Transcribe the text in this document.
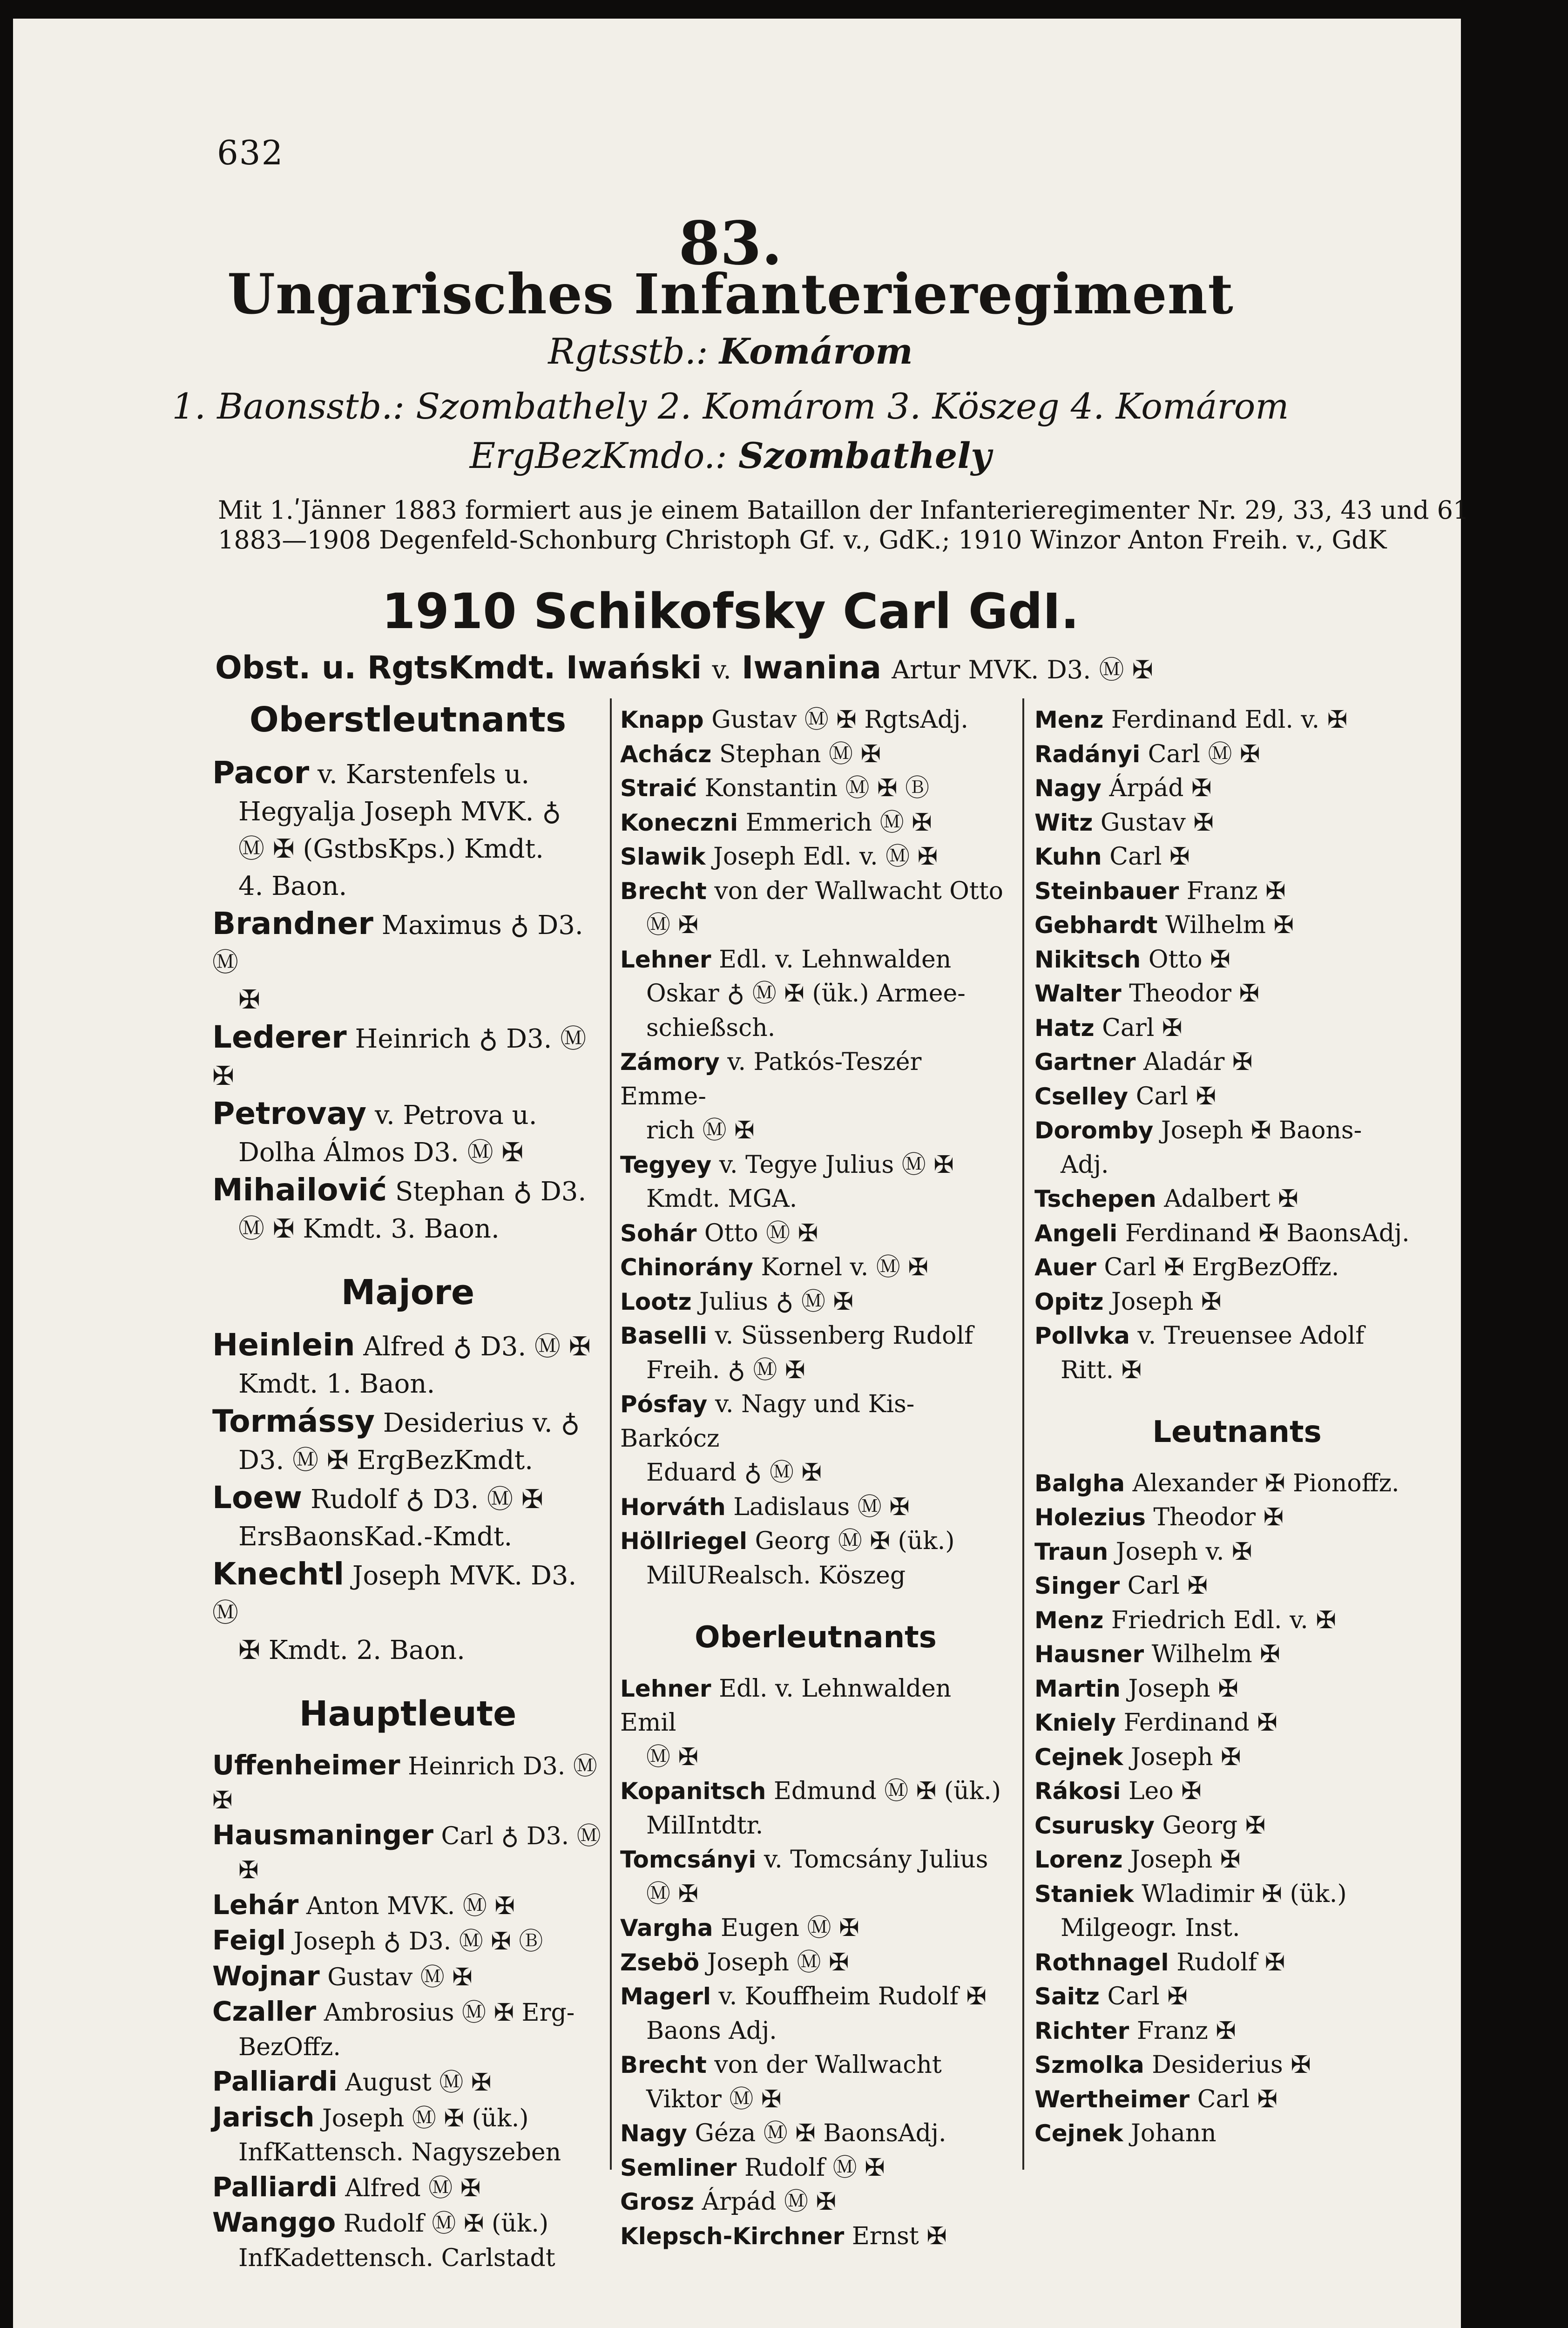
632
83.
Ungarisches Infanterieregiment
Rgtsstb.: Komárom
1. Baonsstb.: Szombathely 2. Komárom 3. Kös⁠zeg 4. Komárom
ErgBezKmdo.: Szombathely
Mit 1.ʹJänner 1883 formiert aus je einem Bataillon der Infanterieregimenter Nr. 29, 33, 43 und 61
1883—1908 Degenfeld-Schonburg Christoph Gf. v., GdK.; 1910 Winzor Anton Freih. v., GdK
1910 Schikofsky Carl GdI.
Obst. u. RgtsKmdt. Iwański v. Iwanina Artur MVK. D3. Ⓜ ✠
Oberstleutnants
Pacor v. Karstenfels u.
Hegyalja Joseph MVK. ♁
Ⓜ ✠ (GstbsKps.) Kmdt.
4. Baon.
Brandner Maximus ♁ D3. Ⓜ
✠
Lederer Heinrich ♁ D3. Ⓜ ✠
Petrovay v. Petrova u.
Dolha Álmos D3. Ⓜ ✠
Mihailović Stephan ♁ D3.
Ⓜ ✠ Kmdt. 3. Baon.
Majore
Heinlein Alfred ♁ D3. Ⓜ ✠
Kmdt. 1. Baon.
Tormássy Desiderius v. ♁
D3. Ⓜ ✠ ErgBezKmdt.
Loew Rudolf ♁ D3. Ⓜ ✠
ErsBaonsKad.-Kmdt.
Knechtl Joseph MVK. D3. Ⓜ
✠ Kmdt. 2. Baon.
Hauptleute
Uffenheimer Heinrich D3. Ⓜ ✠
Hausmaninger Carl ♁ D3. Ⓜ
✠
Lehár Anton MVK. Ⓜ ✠
Feigl Joseph ♁ D3. Ⓜ ✠ Ⓑ
Wojnar Gustav Ⓜ ✠
Czaller Ambrosius Ⓜ ✠ Erg-
BezOffz.
Palliardi August Ⓜ ✠
Jarisch Joseph Ⓜ ✠ (ük.)
InfKattensch. Nagyszeben
Palliardi Alfred Ⓜ ✠
Wanggo Rudolf Ⓜ ✠ (ük.)
InfKadettensch. Carlstadt
Knapp Gustav Ⓜ ✠ RgtsAdj.
Achácz Stephan Ⓜ ✠
Straić Konstantin Ⓜ ✠ Ⓑ
Koneczni Emmerich Ⓜ ✠
Slawik Joseph Edl. v. Ⓜ ✠
Brecht von der Wallwacht Otto
Ⓜ ✠
Lehner Edl. v. Lehnwalden
Oskar ♁ Ⓜ ✠ (ük.) Armee-
schießsch.
Zámory v. Patkós-Teszér Emme-
rich Ⓜ ✠
Tegyey v. Tegye Julius Ⓜ ✠
Kmdt. MGA.
Sohár Otto Ⓜ ✠
Chinorány Kornel v. Ⓜ ✠
Lootz Julius ♁ Ⓜ ✠
Baselli v. Süssenberg Rudolf
Freih. ♁ Ⓜ ✠
Pósfay v. Nagy und Kis-Barkócz
Eduard ♁ Ⓜ ✠
Horváth Ladislaus Ⓜ ✠
Höllriegel Georg Ⓜ ✠ (ük.)
MilURealsch. Köszeg
Oberleutnants
Lehner Edl. v. Lehnwalden Emil
Ⓜ ✠
Kopanitsch Edmund Ⓜ ✠ (ük.)
MilIntdtr.
Tomcsányi v. Tomcsány Julius
Ⓜ ✠
Vargha Eugen Ⓜ ✠
Zsebö Joseph Ⓜ ✠
Magerl v. Kouffheim Rudolf ✠
Baons Adj.
Brecht von der Wallwacht
Viktor Ⓜ ✠
Nagy Géza Ⓜ ✠ BaonsAdj.
Semliner Rudolf Ⓜ ✠
Grosz Árpád Ⓜ ✠
Klepsch-Kirchner Ernst ✠
Menz Ferdinand Edl. v. ✠
Radányi Carl Ⓜ ✠
Nagy Árpád ✠
Witz Gustav ✠
Kuhn Carl ✠
Steinbauer Franz ✠
Gebhardt Wilhelm ✠
Nikitsch Otto ✠
Walter Theodor ✠
Hatz Carl ✠
Gartner Aladár ✠
Cselley Carl ✠
Doromby Joseph ✠ Baons-
Adj.
Tschepen Adalbert ✠
Angeli Ferdinand ✠ BaonsAdj.
Auer Carl ✠ ErgBezOffz.
Opitz Joseph ✠
Pollvka v. Treuensee Adolf
Ritt. ✠
Leutnants
Balgha Alexander ✠ Pionoffz.
Holezius Theodor ✠
Traun Joseph v. ✠
Singer Carl ✠
Menz Friedrich Edl. v. ✠
Hausner Wilhelm ✠
Martin Joseph ✠
Kniely Ferdinand ✠
Cejnek Joseph ✠
Rákosi Leo ✠
Csurusky Georg ✠
Lorenz Joseph ✠
Staniek Wladimir ✠ (ük.)
Milgeogr. Inst.
Rothnagel Rudolf ✠
Saitz Carl ✠
Richter Franz ✠
Szmolka Desiderius ✠
Wertheimer Carl ✠
Cejnek Johann
